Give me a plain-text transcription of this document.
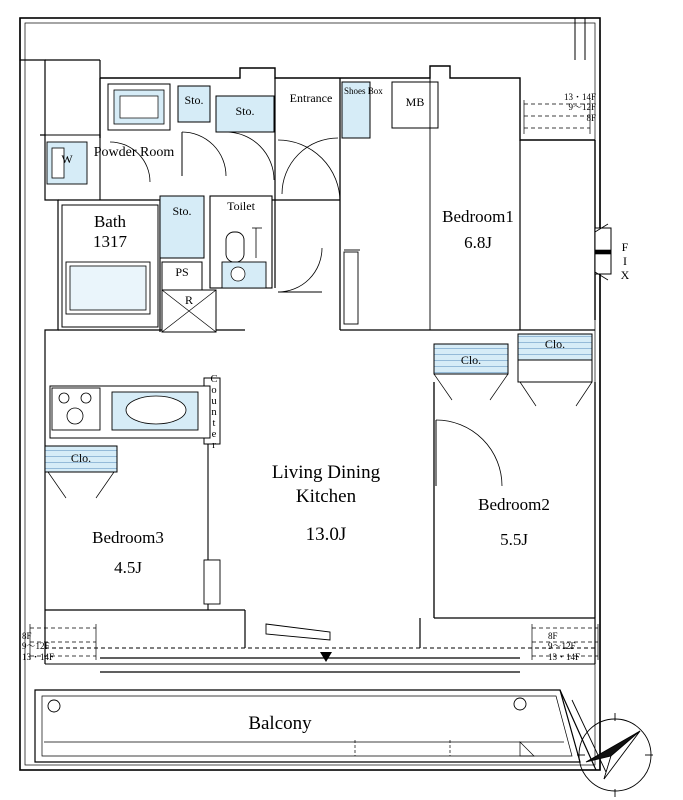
Bedroom1
6.8J
Bedroom2
5.5J
Bedroom3
4.5J
Living Dining
Kitchen
13.0J
Entrance	Shoes Box
MB
Sto.
Sto.
Sto.	Toilet
PS
R
W	Powder Room
Bath
1317
Counter
Clo.
Clo.
Clo.
Balcony
F
I
X
13・14F
9〜12F
8F
8F
9〜12F
13・14F
8F
9〜12F
13・14F
